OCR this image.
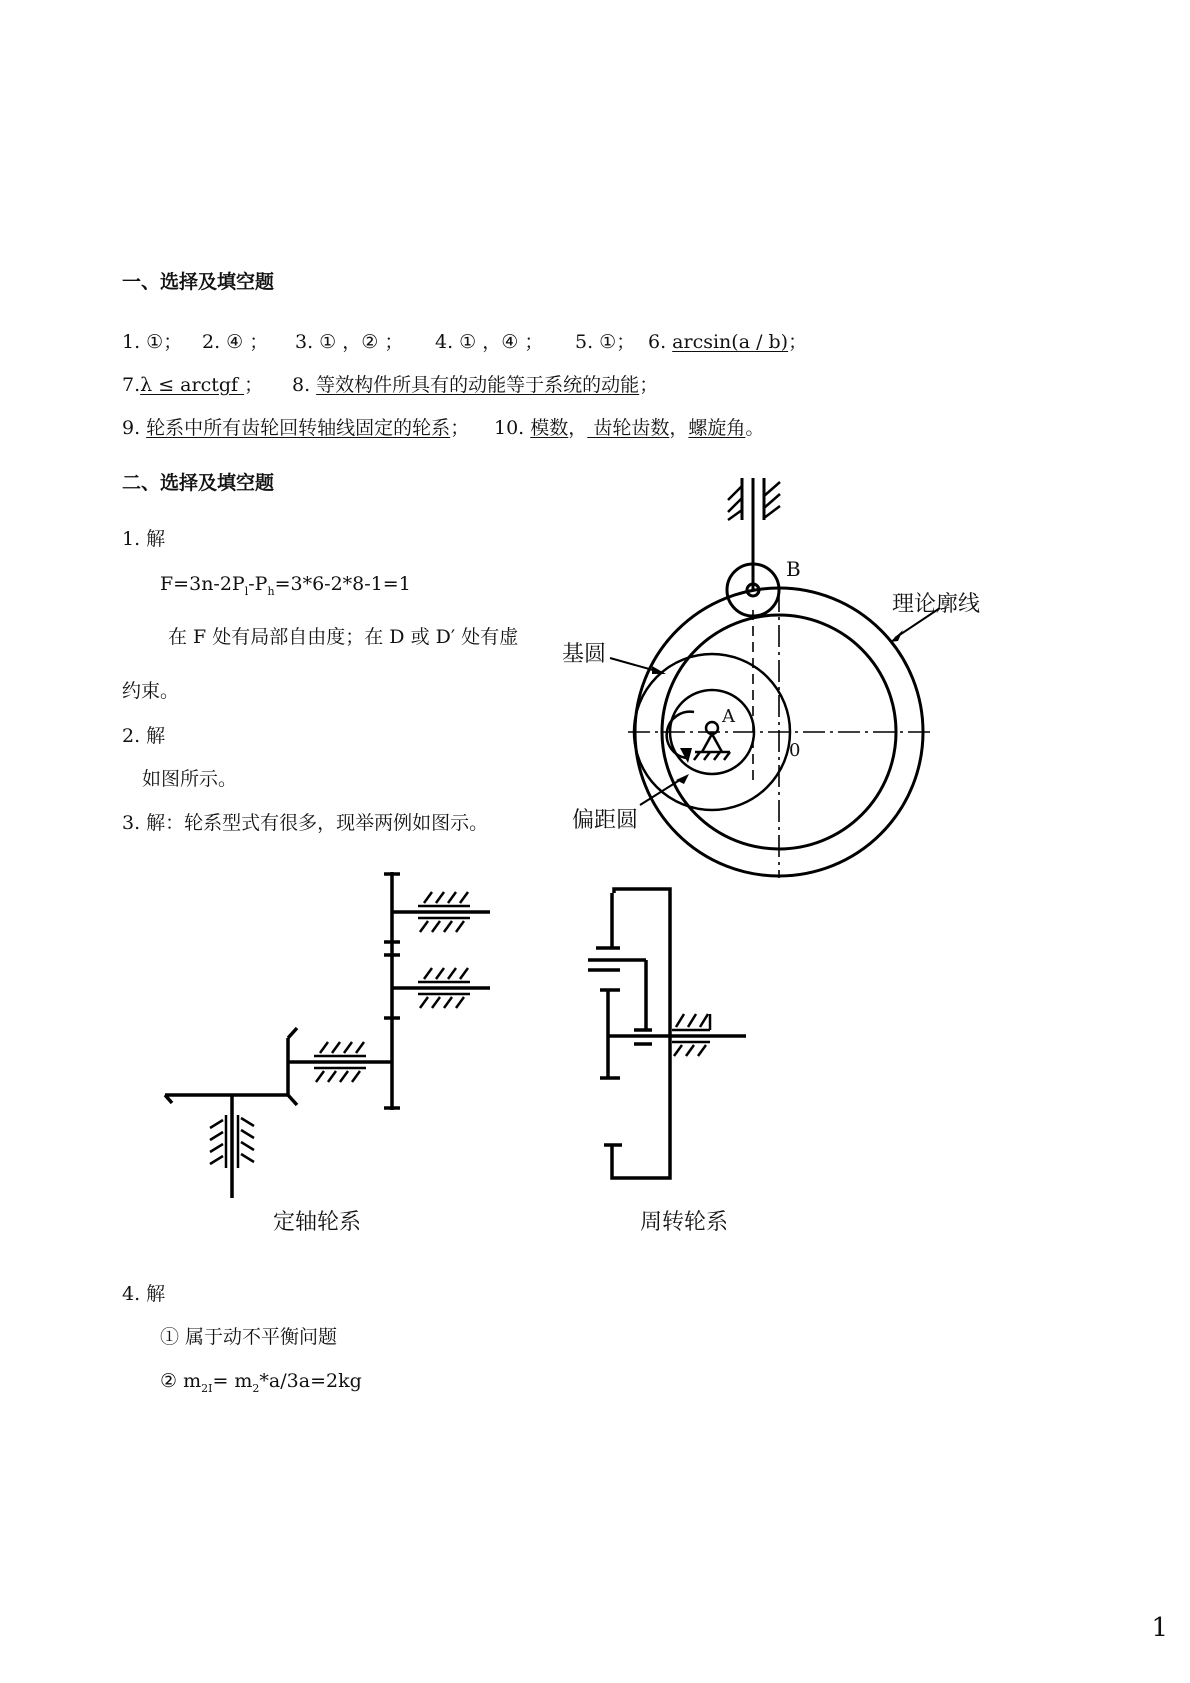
一、选择及填空题
1. ①； 2. ④ ； 3. ① ，② ； 4. ① ，④ ； 5. ①； 6. arcsin(a / b)；
7.λ ≤ arctgf ； 8. 等效构件所具有的动能等于系统的动能；
9. 轮系中所有齿轮回转轴线固定的轮系； 10. 模数， 齿轮齿数，螺旋角。
二、选择及填空题
1. 解
$F=3n-2P_l-P_h=3*6-2*8-1=1$
在 F 处有局部自由度；在 D 或 D′ 处有虚
约束。
2. 解
如图所示。
3. 解：轮系型式有很多，现举两例如图示。
B
A
0
理论廓线
基圆
偏距圆
定轴轮系	周转轮系
4. 解
① 属于动不平衡问题
② $m_{2Ⅰ}= m_2*a/3a=2kg$
1
